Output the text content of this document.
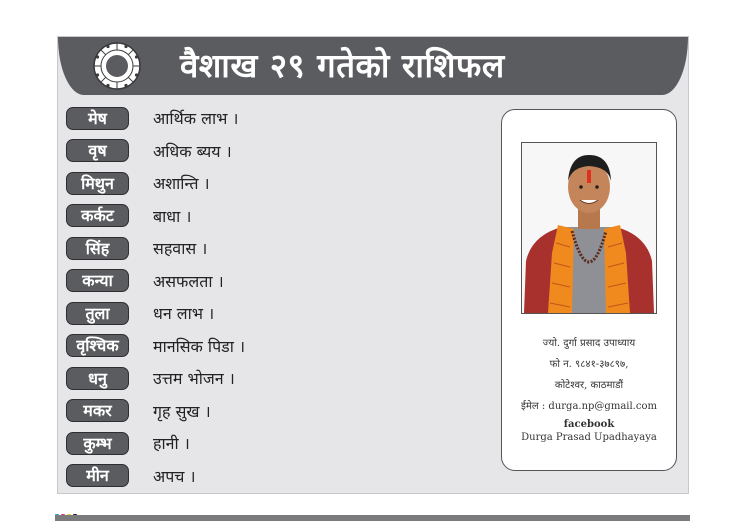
वैशाख २९ गतेको राशिफल
मेष	आर्थिक लाभ ।
वृष	अधिक ब्यय ।
मिथुन	अशान्ति ।
कर्कट	बाधा ।
सिंह	सहवास ।
कन्या	असफलता ।
तुला	धन लाभ ।
वृश्चिक	मानसिक पिडा ।
धनु	उत्तम भोजन ।
मकर	गृह सुख ।
कुम्भ	हानी ।
मीन	अपच ।
ज्यो. दुर्गा प्रसाद उपाध्याय
फो न. ९८४१-३७८९७,
कोटेश्वर, काठमाडौं
ईमेल : durga.np@gmail.com
facebook
Durga Prasad Upadhayaya
